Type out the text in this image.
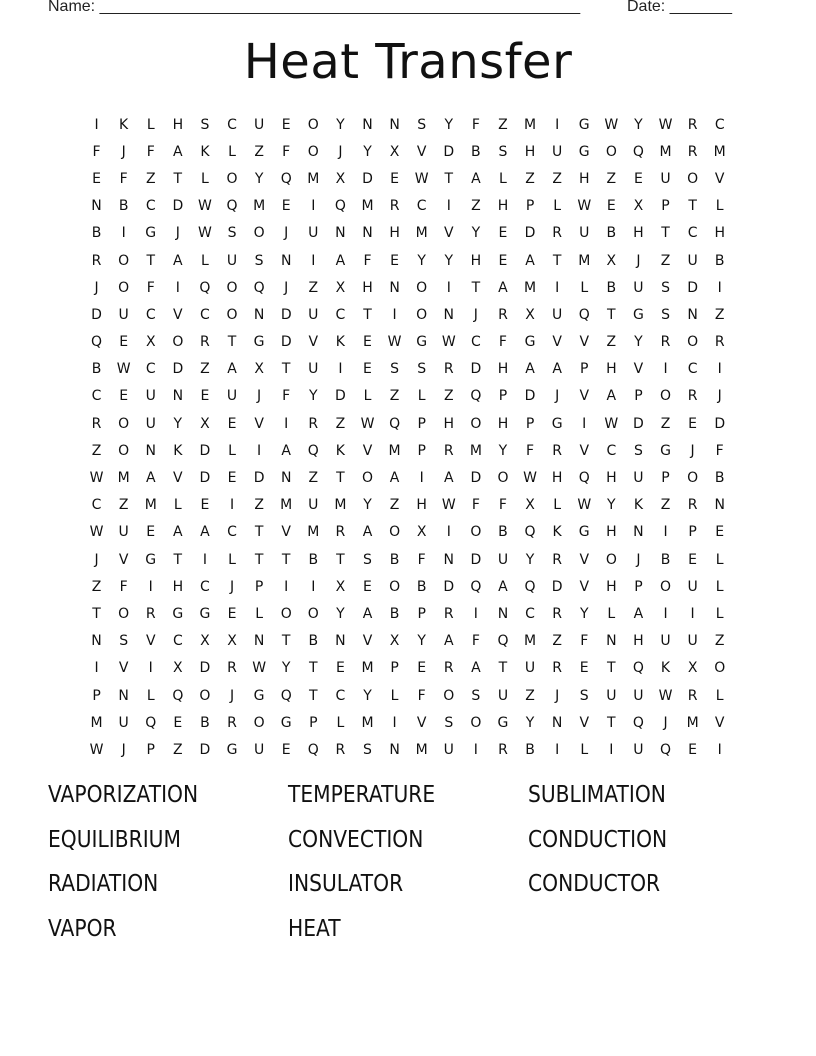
Name: ______________________________________________________	Date: _______
Heat Transfer
I	K	L	H	S	C	U	E	O	Y	N	N	S	Y	F	Z	M	I	G	W	Y	W	R	C
F	J	F	A	K	L	Z	F	O	J	Y	X	V	D	B	S	H	U	G	O	Q	M	R	M
E	F	Z	T	L	O	Y	Q	M	X	D	E	W	T	A	L	Z	Z	H	Z	E	U	O	V
N	B	C	D	W	Q	M	E	I	Q	M	R	C	I	Z	H	P	L	W	E	X	P	T	L
B	I	G	J	W	S	O	J	U	N	N	H	M	V	Y	E	D	R	U	B	H	T	C	H
R	O	T	A	L	U	S	N	I	A	F	E	Y	Y	H	E	A	T	M	X	J	Z	U	B
J	O	F	I	Q	O	Q	J	Z	X	H	N	O	I	T	A	M	I	L	B	U	S	D	I
D	U	C	V	C	O	N	D	U	C	T	I	O	N	J	R	X	U	Q	T	G	S	N	Z
Q	E	X	O	R	T	G	D	V	K	E	W	G	W	C	F	G	V	V	Z	Y	R	O	R
B	W	C	D	Z	A	X	T	U	I	E	S	S	R	D	H	A	A	P	H	V	I	C	I
C	E	U	N	E	U	J	F	Y	D	L	Z	L	Z	Q	P	D	J	V	A	P	O	R	J
R	O	U	Y	X	E	V	I	R	Z	W	Q	P	H	O	H	P	G	I	W	D	Z	E	D
Z	O	N	K	D	L	I	A	Q	K	V	M	P	R	M	Y	F	R	V	C	S	G	J	F
W	M	A	V	D	E	D	N	Z	T	O	A	I	A	D	O	W	H	Q	H	U	P	O	B
C	Z	M	L	E	I	Z	M	U	M	Y	Z	H	W	F	F	X	L	W	Y	K	Z	R	N
W	U	E	A	A	C	T	V	M	R	A	O	X	I	O	B	Q	K	G	H	N	I	P	E
J	V	G	T	I	L	T	T	B	T	S	B	F	N	D	U	Y	R	V	O	J	B	E	L
Z	F	I	H	C	J	P	I	I	X	E	O	B	D	Q	A	Q	D	V	H	P	O	U	L
T	O	R	G	G	E	L	O	O	Y	A	B	P	R	I	N	C	R	Y	L	A	I	I	L
N	S	V	C	X	X	N	T	B	N	V	X	Y	A	F	Q	M	Z	F	N	H	U	U	Z
I	V	I	X	D	R	W	Y	T	E	M	P	E	R	A	T	U	R	E	T	Q	K	X	O
P	N	L	Q	O	J	G	Q	T	C	Y	L	F	O	S	U	Z	J	S	U	U	W	R	L
M	U	Q	E	B	R	O	G	P	L	M	I	V	S	O	G	Y	N	V	T	Q	J	M	V
W	J	P	Z	D	G	U	E	Q	R	S	N	M	U	I	R	B	I	L	I	U	Q	E	I
VAPORIZATION	TEMPERATURE	SUBLIMATION
EQUILIBRIUM	CONVECTION	CONDUCTION
RADIATION	INSULATOR	CONDUCTOR
VAPOR	HEAT
